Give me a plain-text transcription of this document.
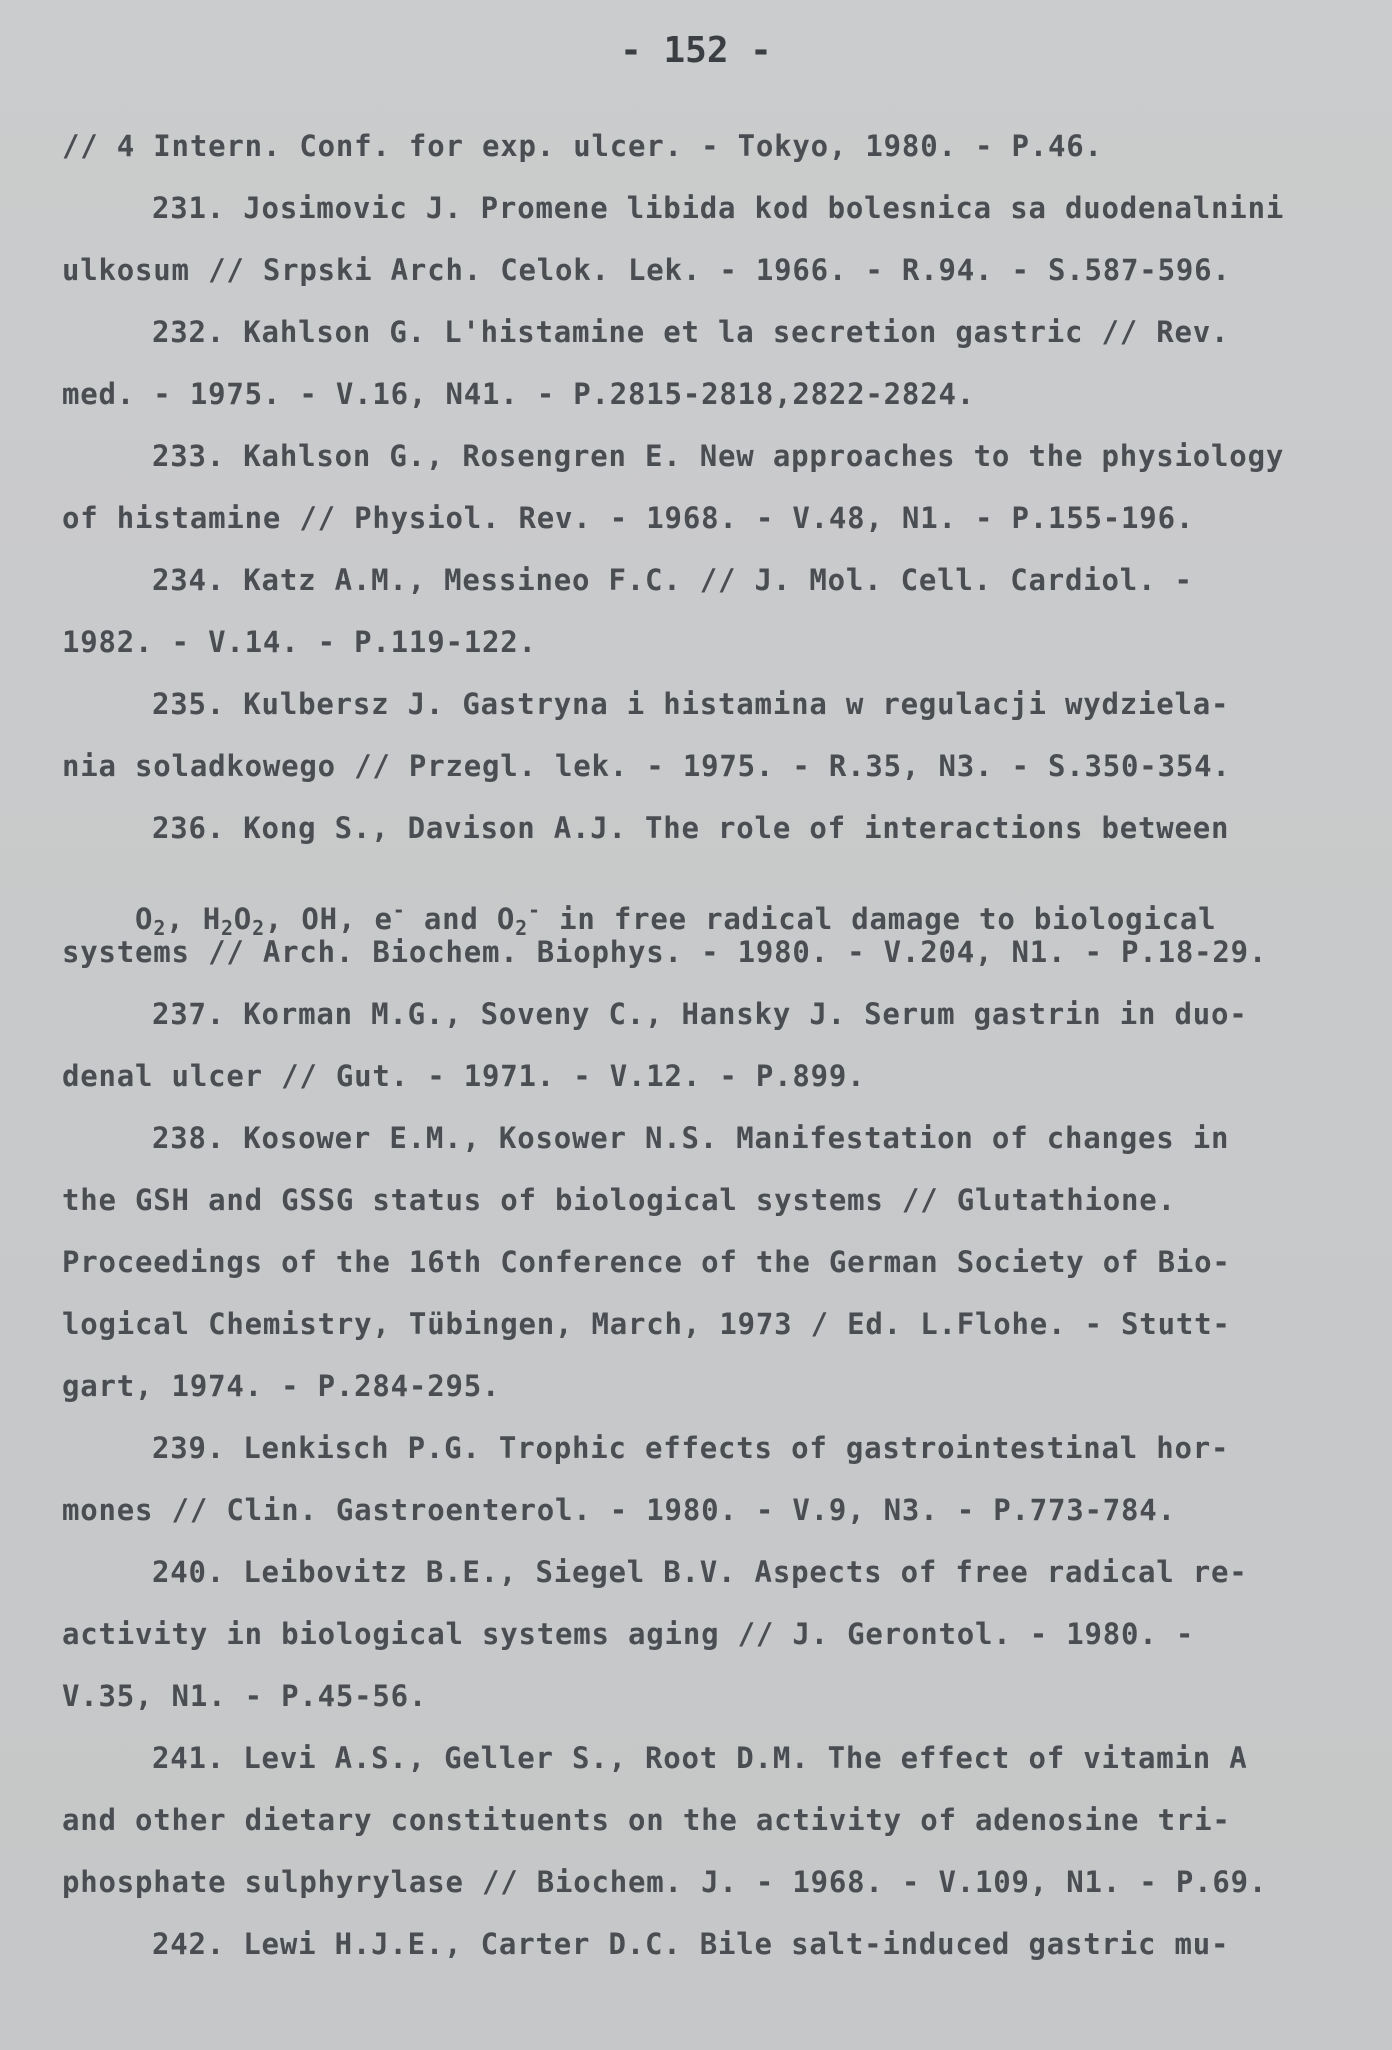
- 152 -
// 4 Intern. Conf. for exp. ulcer. - Tokyo, 1980. - P.46.
231. Josimovic J. Promene libida kod bolesnica sa duodenalnini
ulkosum // Srpski Arch. Celok. Lek. - 1966. - R.94. - S.587-596.
232. Kahlson G. L'histamine et la secretion gastric // Rev.
med. - 1975. - V.16, N41. - P.2815-2818,2822-2824.
233. Kahlson G., Rosengren E. New approaches to the physiology
of histamine // Physiol. Rev. - 1968. - V.48, N1. - P.155-196.
234. Katz A.M., Messineo F.C. // J. Mol. Cell. Cardiol. -
1982. - V.14. - P.119-122.
235. Kulbersz J. Gastryna i histamina w regulacji wydziela-
nia soladkowego // Przegl. lek. - 1975. - R.35, N3. - S.350-354.
236. Kong S., Davison A.J. The role of interactions between

$O_2$, $H_2O_2$, OH, e- and $O_2^-$ in free radical damage to biological

systems // Arch. Biochem. Biophys. - 1980. - V.204, N1. - P.18-29.
237. Korman M.G., Soveny C., Hansky J. Serum gastrin in duo-
denal ulcer // Gut. - 1971. - V.12. - P.899.
238. Kosower E.M., Kosower N.S. Manifestation of changes in
the GSH and GSSG status of biological systems // Glutathione.
Proceedings of the 16th Conference of the German Society of Bio-
logical Chemistry, Tübingen, March, 1973 / Ed. L.Flohe. - Stutt-
gart, 1974. - P.284-295.
239. Lenkisch P.G. Trophic effects of gastrointestinal hor-
mones // Clin. Gastroenterol. - 1980. - V.9, N3. - P.773-784.
240. Leibovitz B.E., Siegel B.V. Aspects of free radical re-
activity in biological systems aging // J. Gerontol. - 1980. -
V.35, N1. - P.45-56.
241. Levi A.S., Geller S., Root D.M. The effect of vitamin A
and other dietary constituents on the activity of adenosine tri-
phosphate sulphyrylase // Biochem. J. - 1968. - V.109, N1. - P.69.
242. Lewi H.J.E., Carter D.C. Bile salt-induced gastric mu-
